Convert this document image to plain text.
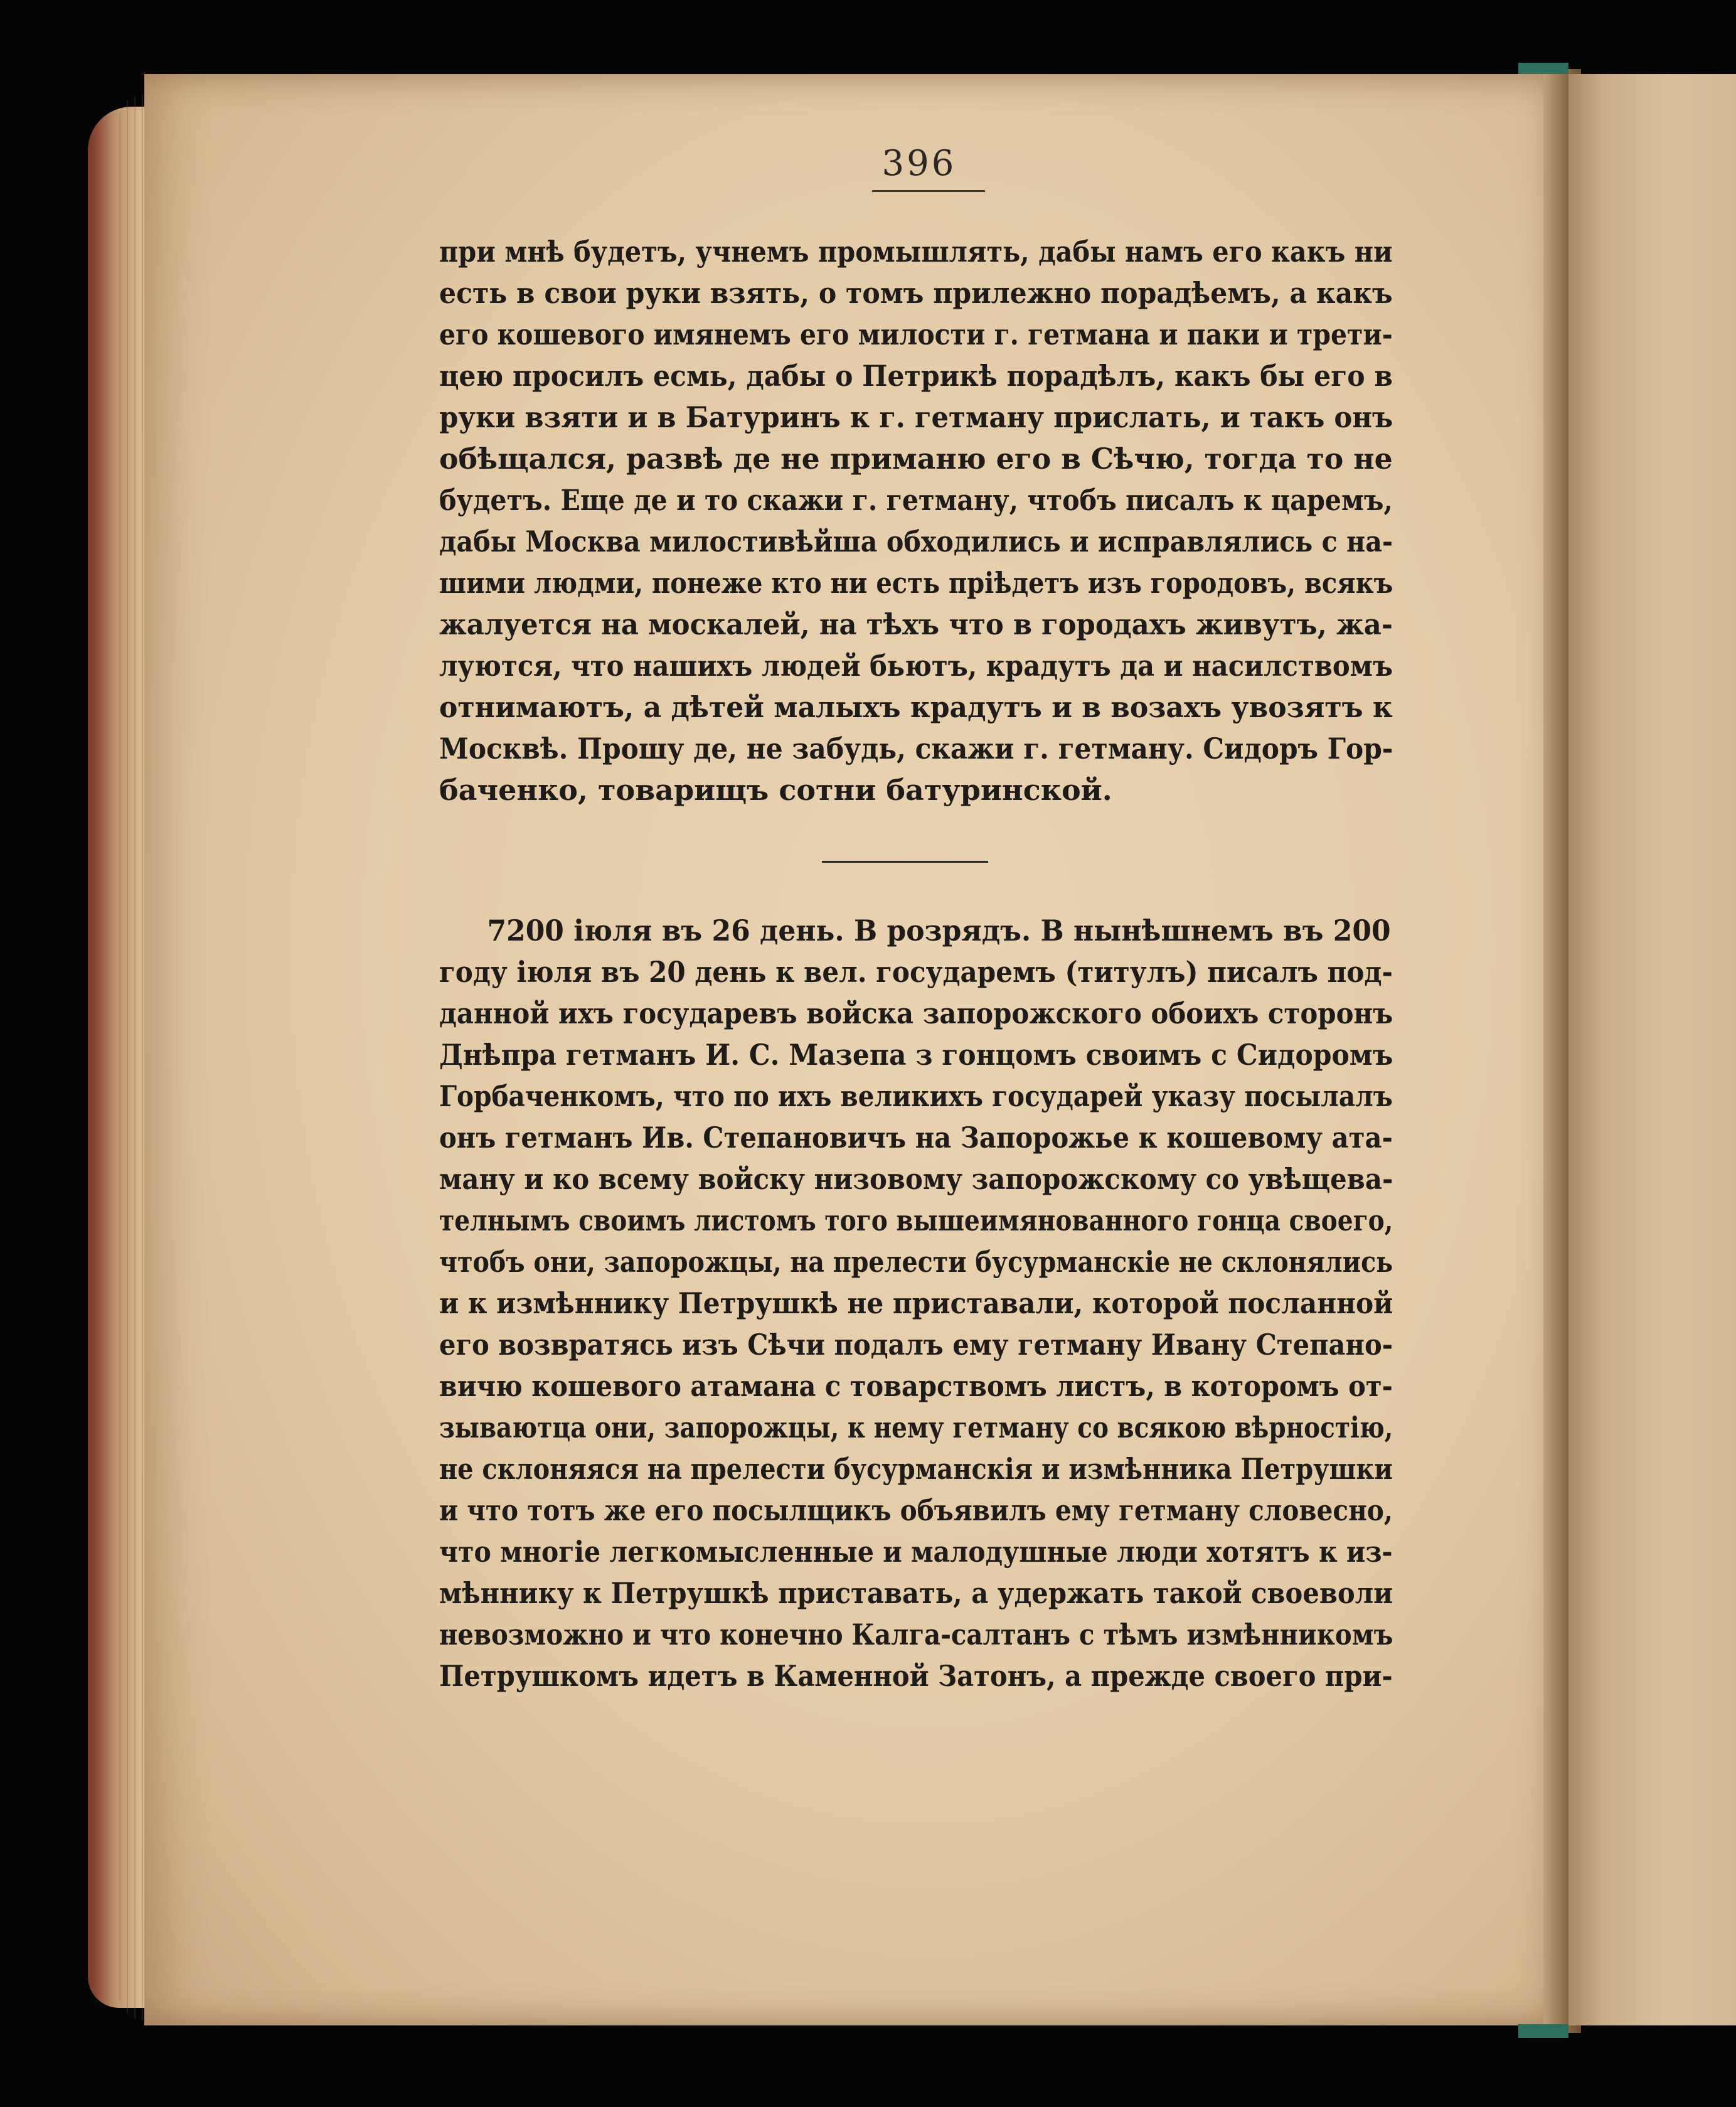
396
при мнѣ будетъ, учнемъ промышлять, дабы намъ его какъ ни
есть в свои руки взять, о томъ прилежно порадѣемъ, а какъ
его кошевого имянемъ его милости г. гетмана и паки и трети-
цею просилъ есмь, дабы о Петрикѣ порадѣлъ, какъ бы его в
руки взяти и в Батуринъ к г. гетману прислать, и такъ онъ
обѣщался, развѣ де не приманю его в Сѣчю, тогда то не
будетъ. Еще де и то скажи г. гетману, чтобъ писалъ к царемъ,
дабы Москва милостивѣйша обходились и исправлялись с на-
шими людми, понеже кто ни есть пріѣдетъ изъ городовъ, всякъ
жалуется на москалей, на тѣхъ что в городахъ живутъ, жа-
луются, что нашихъ людей бьютъ, крадутъ да и насилствомъ
отнимаютъ, а дѣтей малыхъ крадутъ и в возахъ увозятъ к
Москвѣ. Прошу де, не забудь, скажи г. гетману. Сидоръ Гор-
баченко, товарищъ сотни батуринской.
7200 іюля въ 26 день. В розрядъ. В нынѣшнемъ въ 200
году іюля въ 20 день к вел. государемъ (титулъ) писалъ под-
данной ихъ государевъ войска запорожского обоихъ сторонъ
Днѣпра гетманъ И. С. Мазепа з гонцомъ своимъ с Сидоромъ
Горбаченкомъ, что по ихъ великихъ государей указу посылалъ
онъ гетманъ Ив. Степановичъ на Запорожье к кошевому ата-
ману и ко всему войску низовому запорожскому со увѣщева-
телнымъ своимъ листомъ того вышеимянованного гонца своего,
чтобъ они, запорожцы, на прелести бусурманскіе не склонялись
и к измѣннику Петрушкѣ не приставали, которой посланной
его возвратясь изъ Сѣчи подалъ ему гетману Ивану Степано-
вичю кошевого атамана с товарствомъ листъ, в которомъ от-
зываютца они, запорожцы, к нему гетману со всякою вѣрностію,
не склоняяся на прелести бусурманскія и измѣнника Петрушки
и что тотъ же его посылщикъ объявилъ ему гетману словесно,
что многіе легкомысленные и малодушные люди хотятъ к из-
мѣннику к Петрушкѣ приставать, а удержать такой своеволи
невозможно и что конечно Калга-салтанъ с тѣмъ измѣнникомъ
Петрушкомъ идетъ в Каменной Затонъ, а прежде своего при-
